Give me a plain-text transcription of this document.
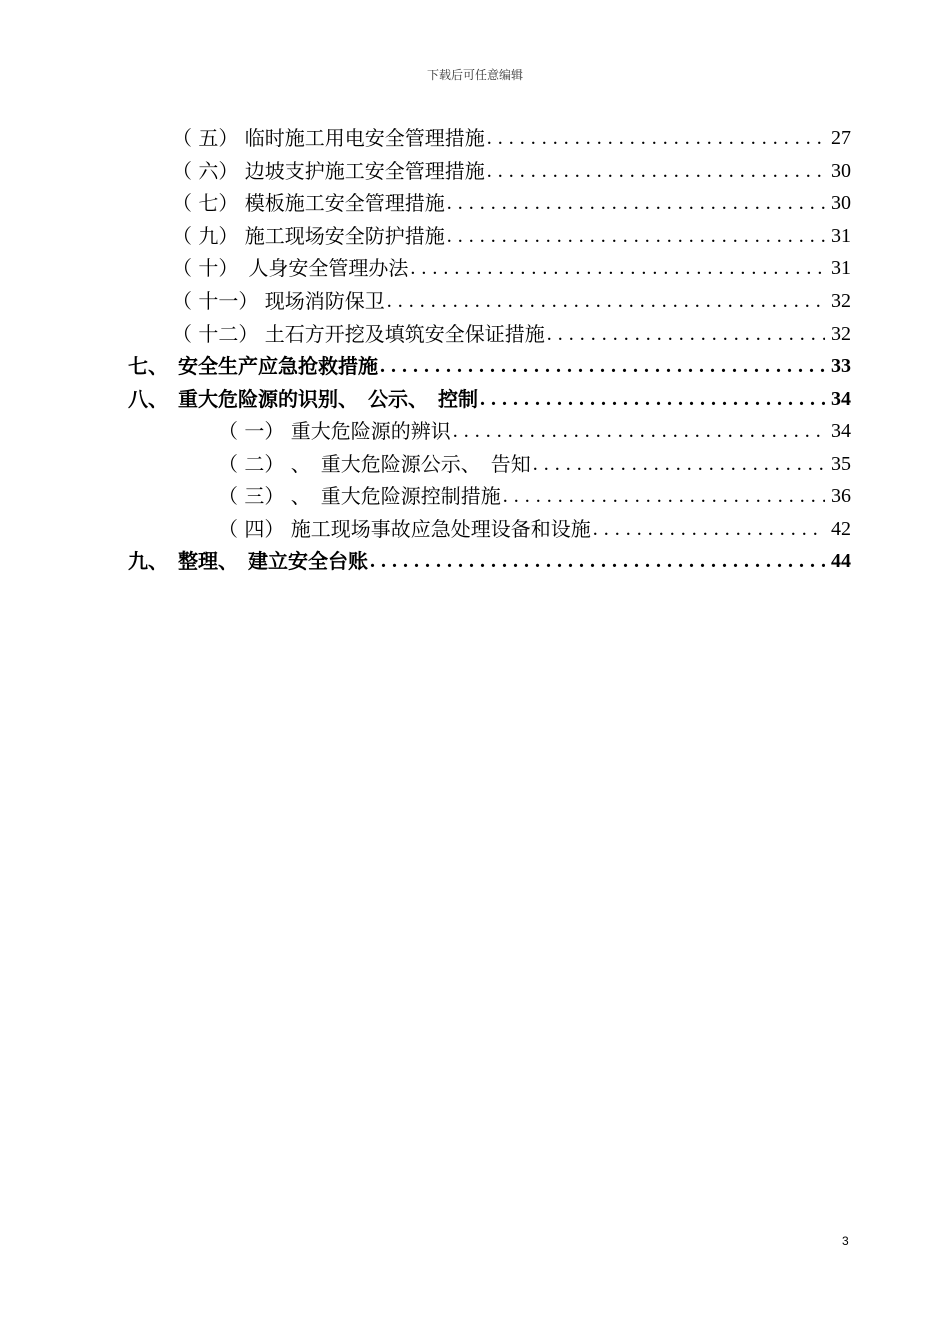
下载后可任意编辑
（ 五） 临时施工用电安全管理措施 . . .	27
（ 六） 边坡支护施工安全管理措施 . . .	30
（ 七） 模板施工安全管理措施 . . .	30
（ 九） 施工现场安全防护措施 . . .	31
（ 十）　人身安全管理办法 . . .	31
（ 十一） 现场消防保卫 . . .	32
（ 十二） 土石方开挖及填筑安全保证措施 . . .	32
七、　安全生产应急抢救措施 . . .	33
八、　重大危险源的识别、　公示、　控制 . . .	34
（ 一） 重大危险源的辨识 . . .	34
（ 二） 、　重大危险源公示、　告知 . . .	35
（ 三） 、　重大危险源控制措施 . . .	36
（ 四） 施工现场事故应急处理设备和设施 . . .	42
九、　整理、　建立安全台账 . . .	44
3
